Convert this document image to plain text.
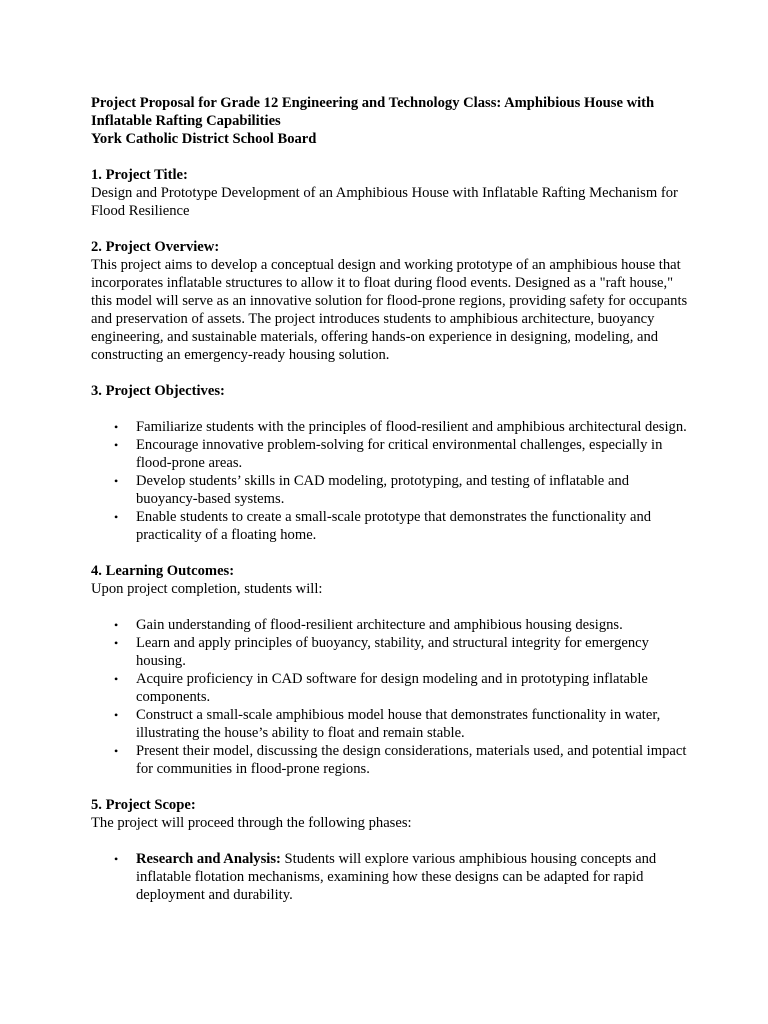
Project Proposal for Grade 12 Engineering and Technology Class: Amphibious House with Inflatable Rafting Capabilities
York Catholic District School Board

1. Project Title:

Design and Prototype Development of an Amphibious House with Inflatable Rafting Mechanism for Flood Resilience

2. Project Overview:

This project aims to develop a conceptual design and working prototype of an amphibious house that incorporates inflatable structures to allow it to float during flood events. Designed as a "raft house," this model will serve as an innovative solution for flood-prone regions, providing safety for occupants and preservation of assets. The project introduces students to amphibious architecture, buoyancy engineering, and sustainable materials, offering hands-on experience in designing, modeling, and constructing an emergency-ready housing solution.

3. Project Objectives:

• Familiarize students with the principles of flood-resilient and amphibious architectural design.
• Encourage innovative problem-solving for critical environmental challenges, especially in flood-prone areas.
• Develop students’ skills in CAD modeling, prototyping, and testing of inflatable and buoyancy-based systems.
• Enable students to create a small-scale prototype that demonstrates the functionality and practicality of a floating home.

4. Learning Outcomes:

Upon project completion, students will:

• Gain understanding of flood-resilient architecture and amphibious housing designs.
• Learn and apply principles of buoyancy, stability, and structural integrity for emergency housing.
• Acquire proficiency in CAD software for design modeling and in prototyping inflatable components.
• Construct a small-scale amphibious model house that demonstrates functionality in water, illustrating the house’s ability to float and remain stable.
• Present their model, discussing the design considerations, materials used, and potential impact for communities in flood-prone regions.

5. Project Scope:

The project will proceed through the following phases:

• Research and Analysis: Students will explore various amphibious housing concepts and inflatable flotation mechanisms, examining how these designs can be adapted for rapid deployment and durability.
